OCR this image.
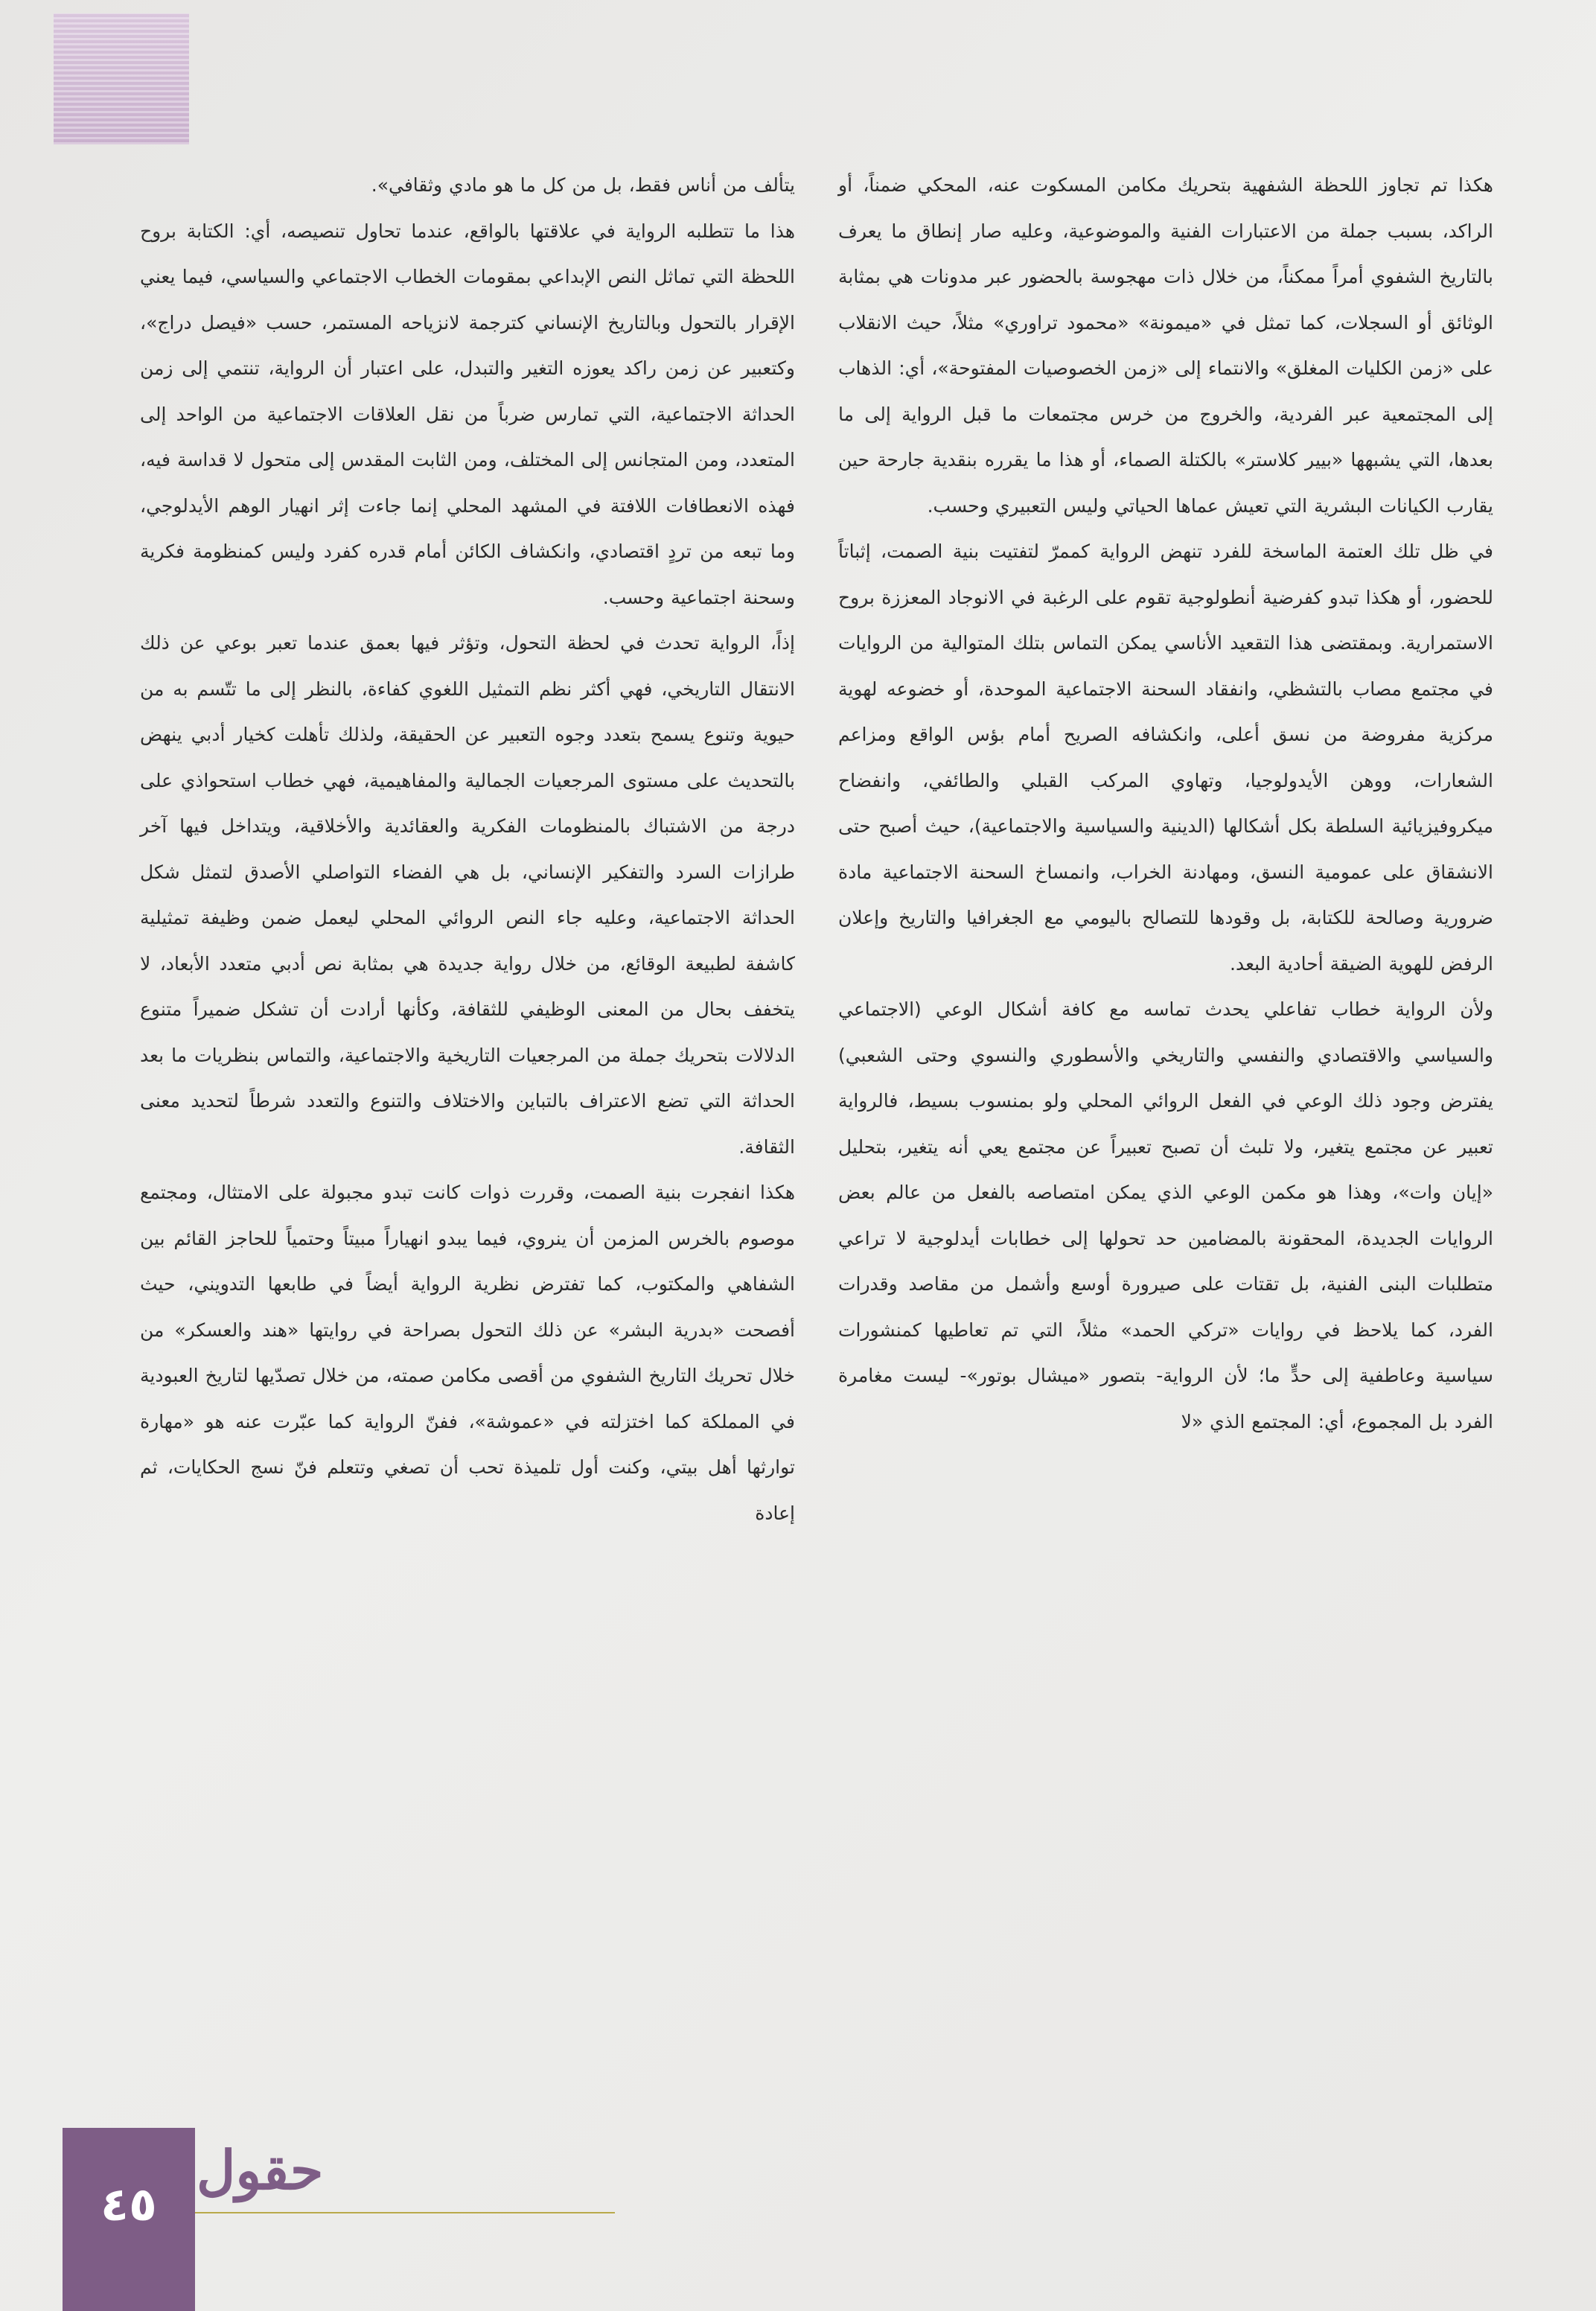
هكذا تم تجاوز اللحظة الشفهية بتحريك مكامن المسكوت عنه، المحكي ضمناً، أو الراكد، بسبب جملة من الاعتبارات الفنية والموضوعية، وعليه صار إنطاق ما يعرف بالتاريخ الشفوي أمراً ممكناً، من خلال ذات مهجوسة بالحضور عبر مدونات هي بمثابة الوثائق أو السجلات، كما تمثل في «ميمونة» «محمود تراوري» مثلاً، حيث الانقلاب على «زمن الكليات المغلق» والانتماء إلى «زمن الخصوصيات المفتوحة»، أي: الذهاب إلى المجتمعية عبر الفردية، والخروج من خرس مجتمعات ما قبل الرواية إلى ما بعدها، التي يشبهها «بيير كلاستر» بالكتلة الصماء، أو هذا ما يقرره بنقدية جارحة حين يقارب الكيانات البشرية التي تعيش عماها الحياتي وليس التعبيري وحسب.

في ظل تلك العتمة الماسخة للفرد تنهض الرواية كممرّ لتفتيت بنية الصمت، إثباتاً للحضور، أو هكذا تبدو كفرضية أنطولوجية تقوم على الرغبة في الانوجاد المعززة بروح الاستمرارية. وبمقتضى هذا التقعيد الأناسي يمكن التماس بتلك المتوالية من الروايات في مجتمع مصاب بالتشظي، وانفقاد السحنة الاجتماعية الموحدة، أو خضوعه لهوية مركزية مفروضة من نسق أعلى، وانكشافه الصريح أمام بؤس الواقع ومزاعم الشعارات، ووهن الأيدولوجيا، وتهاوي المركب القبلي والطائفي، وانفضاح ميكروفيزيائية السلطة بكل أشكالها (الدينية والسياسية والاجتماعية)، حيث أصبح حتى الانشقاق على عمومية النسق، ومهادنة الخراب، وانمساخ السحنة الاجتماعية مادة ضرورية وصالحة للكتابة، بل وقودها للتصالح باليومي مع الجغرافيا والتاريخ وإعلان الرفض للهوية الضيقة أحادية البعد.

ولأن الرواية خطاب تفاعلي يحدث تماسه مع كافة أشكال الوعي (الاجتماعي والسياسي والاقتصادي والنفسي والتاريخي والأسطوري والنسوي وحتى الشعبي) يفترض وجود ذلك الوعي في الفعل الروائي المحلي ولو بمنسوب بسيط، فالرواية تعبير عن مجتمع يتغير، ولا تلبث أن تصبح تعبيراً عن مجتمع يعي أنه يتغير، بتحليل «إيان وات»، وهذا هو مكمن الوعي الذي يمكن امتصاصه بالفعل من عالم بعض الروايات الجديدة، المحقونة بالمضامين حد تحولها إلى خطابات أيدلوجية لا تراعي متطلبات البنى الفنية، بل تقتات على صيرورة أوسع وأشمل من مقاصد وقدرات الفرد، كما يلاحظ في روايات «تركي الحمد» مثلاً، التي تم تعاطيها كمنشورات سياسية وعاطفية إلى حدٍّ ما؛ لأن الرواية- بتصور «ميشال بوتور»- ليست مغامرة الفرد بل المجموع، أي: المجتمع الذي «لا

يتألف من أناس فقط، بل من كل ما هو مادي وثقافي».

هذا ما تتطلبه الرواية في علاقتها بالواقع، عندما تحاول تنصيصه، أي: الكتابة بروح اللحظة التي تماثل النص الإبداعي بمقومات الخطاب الاجتماعي والسياسي، فيما يعني الإقرار بالتحول وبالتاريخ الإنساني كترجمة لانزياحه المستمر، حسب «فيصل دراج»، وكتعبير عن زمن راكد يعوزه التغير والتبدل، على اعتبار أن الرواية، تنتمي إلى زمن الحداثة الاجتماعية، التي تمارس ضرباً من نقل العلاقات الاجتماعية من الواحد إلى المتعدد، ومن المتجانس إلى المختلف، ومن الثابت المقدس إلى متحول لا قداسة فيه، فهذه الانعطافات اللافتة في المشهد المحلي إنما جاءت إثر انهيار الوهم الأيدلوجي، وما تبعه من تردٍ اقتصادي، وانكشاف الكائن أمام قدره كفرد وليس كمنظومة فكرية وسحنة اجتماعية وحسب.

إذاً، الرواية تحدث في لحظة التحول، وتؤثر فيها بعمق عندما تعبر بوعي عن ذلك الانتقال التاريخي، فهي أكثر نظم التمثيل اللغوي كفاءة، بالنظر إلى ما تتّسم به من حيوية وتنوع يسمح بتعدد وجوه التعبير عن الحقيقة، ولذلك تأهلت كخيار أدبي ينهض بالتحديث على مستوى المرجعيات الجمالية والمفاهيمية، فهي خطاب استحواذي على درجة من الاشتباك بالمنظومات الفكرية والعقائدية والأخلاقية، ويتداخل فيها آخر طرازات السرد والتفكير الإنساني، بل هي الفضاء التواصلي الأصدق لتمثل شكل الحداثة الاجتماعية، وعليه جاء النص الروائي المحلي ليعمل ضمن وظيفة تمثيلية كاشفة لطبيعة الوقائع، من خلال رواية جديدة هي بمثابة نص أدبي متعدد الأبعاد، لا يتخفف بحال من المعنى الوظيفي للثقافة، وكأنها أرادت أن تشكل ضميراً متنوع الدلالات بتحريك جملة من المرجعيات التاريخية والاجتماعية، والتماس بنظريات ما بعد الحداثة التي تضع الاعتراف بالتباين والاختلاف والتنوع والتعدد شرطاً لتحديد معنى الثقافة.

هكذا انفجرت بنية الصمت، وقررت ذوات كانت تبدو مجبولة على الامتثال، ومجتمع موصوم بالخرس المزمن أن ينروي، فيما يبدو انهياراً مبيتاً وحتمياً للحاجز القائم بين الشفاهي والمكتوب، كما تفترض نظرية الرواية أيضاً في طابعها التدويني، حيث أفصحت «بدرية البشر» عن ذلك التحول بصراحة في روايتها «هند والعسكر» من خلال تحريك التاريخ الشفوي من أقصى مكامن صمته، من خلال تصدّيها لتاريخ العبودية في المملكة كما اختزلته في «عموشة»، ففنّ الرواية كما عبّرت عنه هو «مهارة توارثها أهل بيتي، وكنت أول تلميذة تحب أن تصغي وتتعلم فنّ نسج الحكايات، ثم إعادة

٤٥
حقول
